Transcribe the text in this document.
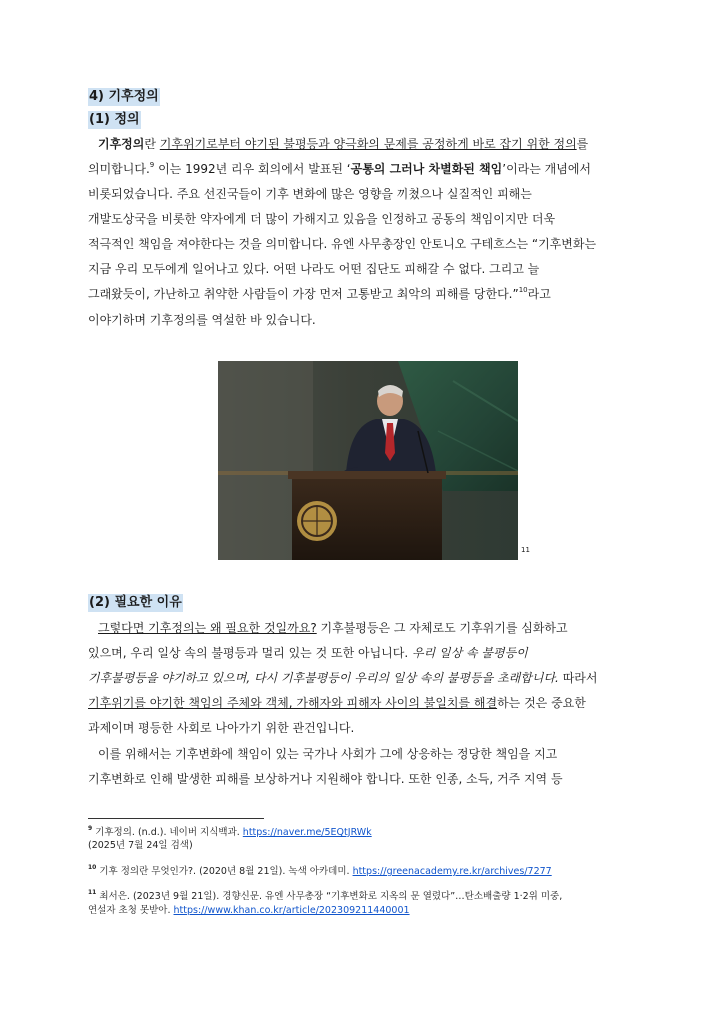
4) 기후정의
(1) 정의
기후정의란 기후위기로부터 야기된 불평등과 양극화의 문제를 공정하게 바로 잡기 위한 정의를
의미합니다.$^9$ 이는 1992년 리우 회의에서 발표된 ‘공통의 그러나 차별화된 책임’이라는 개념에서
비롯되었습니다. 주요 선진국들이 기후 변화에 많은 영향을 끼쳤으나 실질적인 피해는
개발도상국을 비롯한 약자에게 더 많이 가해지고 있음을 인정하고 공동의 책임이지만 더욱
적극적인 책임을 져야한다는 것을 의미합니다. 유엔 사무총장인 안토니오 구테흐스는 “기후변화는
지금 우리 모두에게 일어나고 있다. 어떤 나라도 어떤 집단도 피해갈 수 없다. 그리고 늘
그래왔듯이, 가난하고 취약한 사람들이 가장 먼저 고통받고 최악의 피해를 당한다.”$^{10}$라고
이야기하며 기후정의를 역설한 바 있습니다.
11
(2) 필요한 이유
그렇다면 기후정의는 왜 필요한 것일까요? 기후불평등은 그 자체로도 기후위기를 심화하고
있으며, 우리 일상 속의 불평등과 멀리 있는 것 또한 아닙니다. 우리 일상 속 불평등이
기후불평등을 야기하고 있으며, 다시 기후불평등이 우리의 일상 속의 불평등을 초래합니다. 따라서
기후위기를 야기한 책임의 주체와 객체, 가해자와 피해자 사이의 불일치를 해결하는 것은 중요한
과제이며 평등한 사회로 나아가기 위한 관건입니다.
이를 위해서는 기후변화에 책임이 있는 국가나 사회가 그에 상응하는 정당한 책임을 지고
기후변화로 인해 발생한 피해를 보상하거나 지원해야 합니다. 또한 인종, 소득, 거주 지역 등
$^9$ 기후정의. (n.d.). 네이버 지식백과. https://naver.me/5EQtJRWk
(2025년 7월 24일 검색)
$^{10}$ 기후 정의란 무엇인가?. (2020년 8월 21일). 녹색 아카데미. https://greenacademy.re.kr/archives/7277
$^{11}$ 최서은. (2023년 9월 21일). 경향신문. 유엔 사무총장 “기후변화로 지옥의 문 열렸다”…탄소배출량 1·2위 미중,
연설자 초청 못받아. https://www.khan.co.kr/article/202309211440001
